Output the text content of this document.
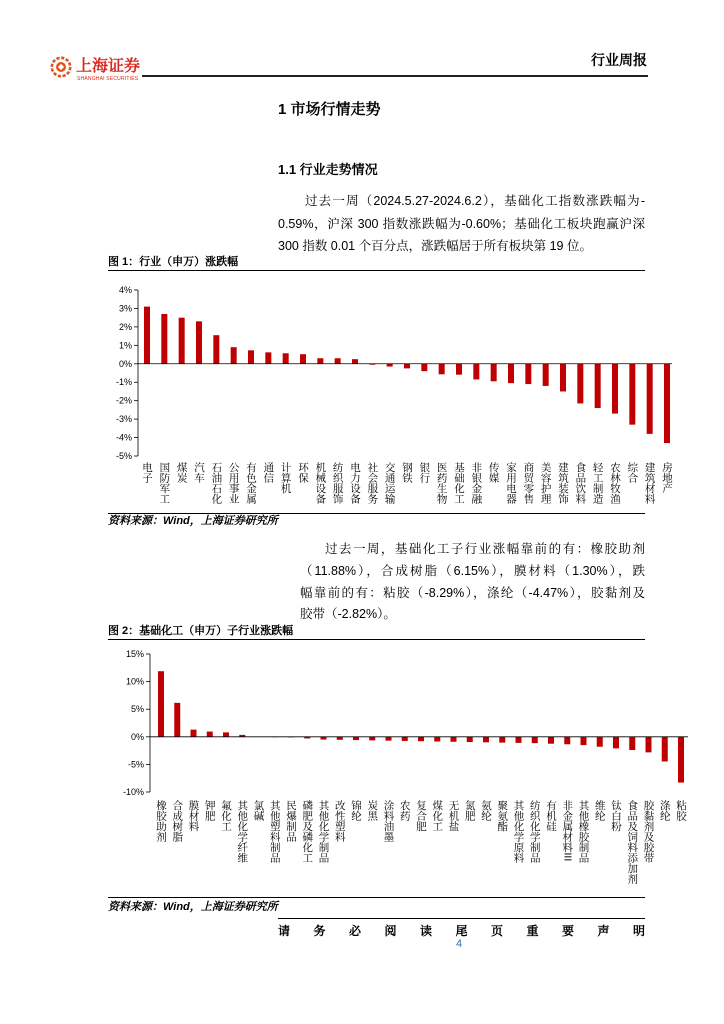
上海证券
SHANGHAI SECURITIES
行业周报
1 市场行情走势
1.1 行业走势情况
过去一周（2024.5.27-2024.6.2），基础化工指数涨跌幅为-
0.59%，沪深 300 指数涨跌幅为-0.60%；基础化工板块跑赢沪深
300 指数 0.01 个百分点，涨跌幅居于所有板块第 19 位。
图 1：行业（申万）涨跌幅
4%
3%
2%
1%
0%
-1%
-2%
-3%
-4%
-5%
资料来源：Wind，上海证券研究所
过去一周，基础化工子行业涨幅靠前的有：橡胶助剂
（11.88%），合成树脂（6.15%），膜材料（1.30%），跌
幅靠前的有：粘胶（-8.29%），涤纶（-4.47%），胶黏剂及
胶带（-2.82%）。
图 2：基础化工（申万）子行业涨跌幅
15%
10%
5%
0%
-5%
-10%
资料来源：Wind，上海证券研究所
请 务 必 阅 读 尾 页 重 要 声 明
4
电子 国防军工 煤炭 汽车 石油石化 公用事业 有色金属 通信 计算机 环保 机械设备 纺织服饰 电力设备 社会服务 交通运输 钢铁 银行 医药生物 基础化工 非银金融 传媒 家用电器 商贸零售 美容护理 建筑装饰 食品饮料 轻工制造 农林牧渔 综合 建筑材料 房地产
橡胶助剂 合成树脂 膜材料 钾肥 氟化工 其他化学纤维 氯碱 其他塑料制品 民爆制品 磷肥及磷化工 其他化学制品 改性塑料 锦纶 炭黑 涂料油墨 农药 复合肥 煤化工 无机盐 氮肥 氨纶 聚氨酯 其他化学原料 纺织化学制品 有机硅 非金属材料III 其他橡胶制品 维纶 钛白粉 食品及饲料添加剂 胶黏剂及胶带 涤纶 粘胶
